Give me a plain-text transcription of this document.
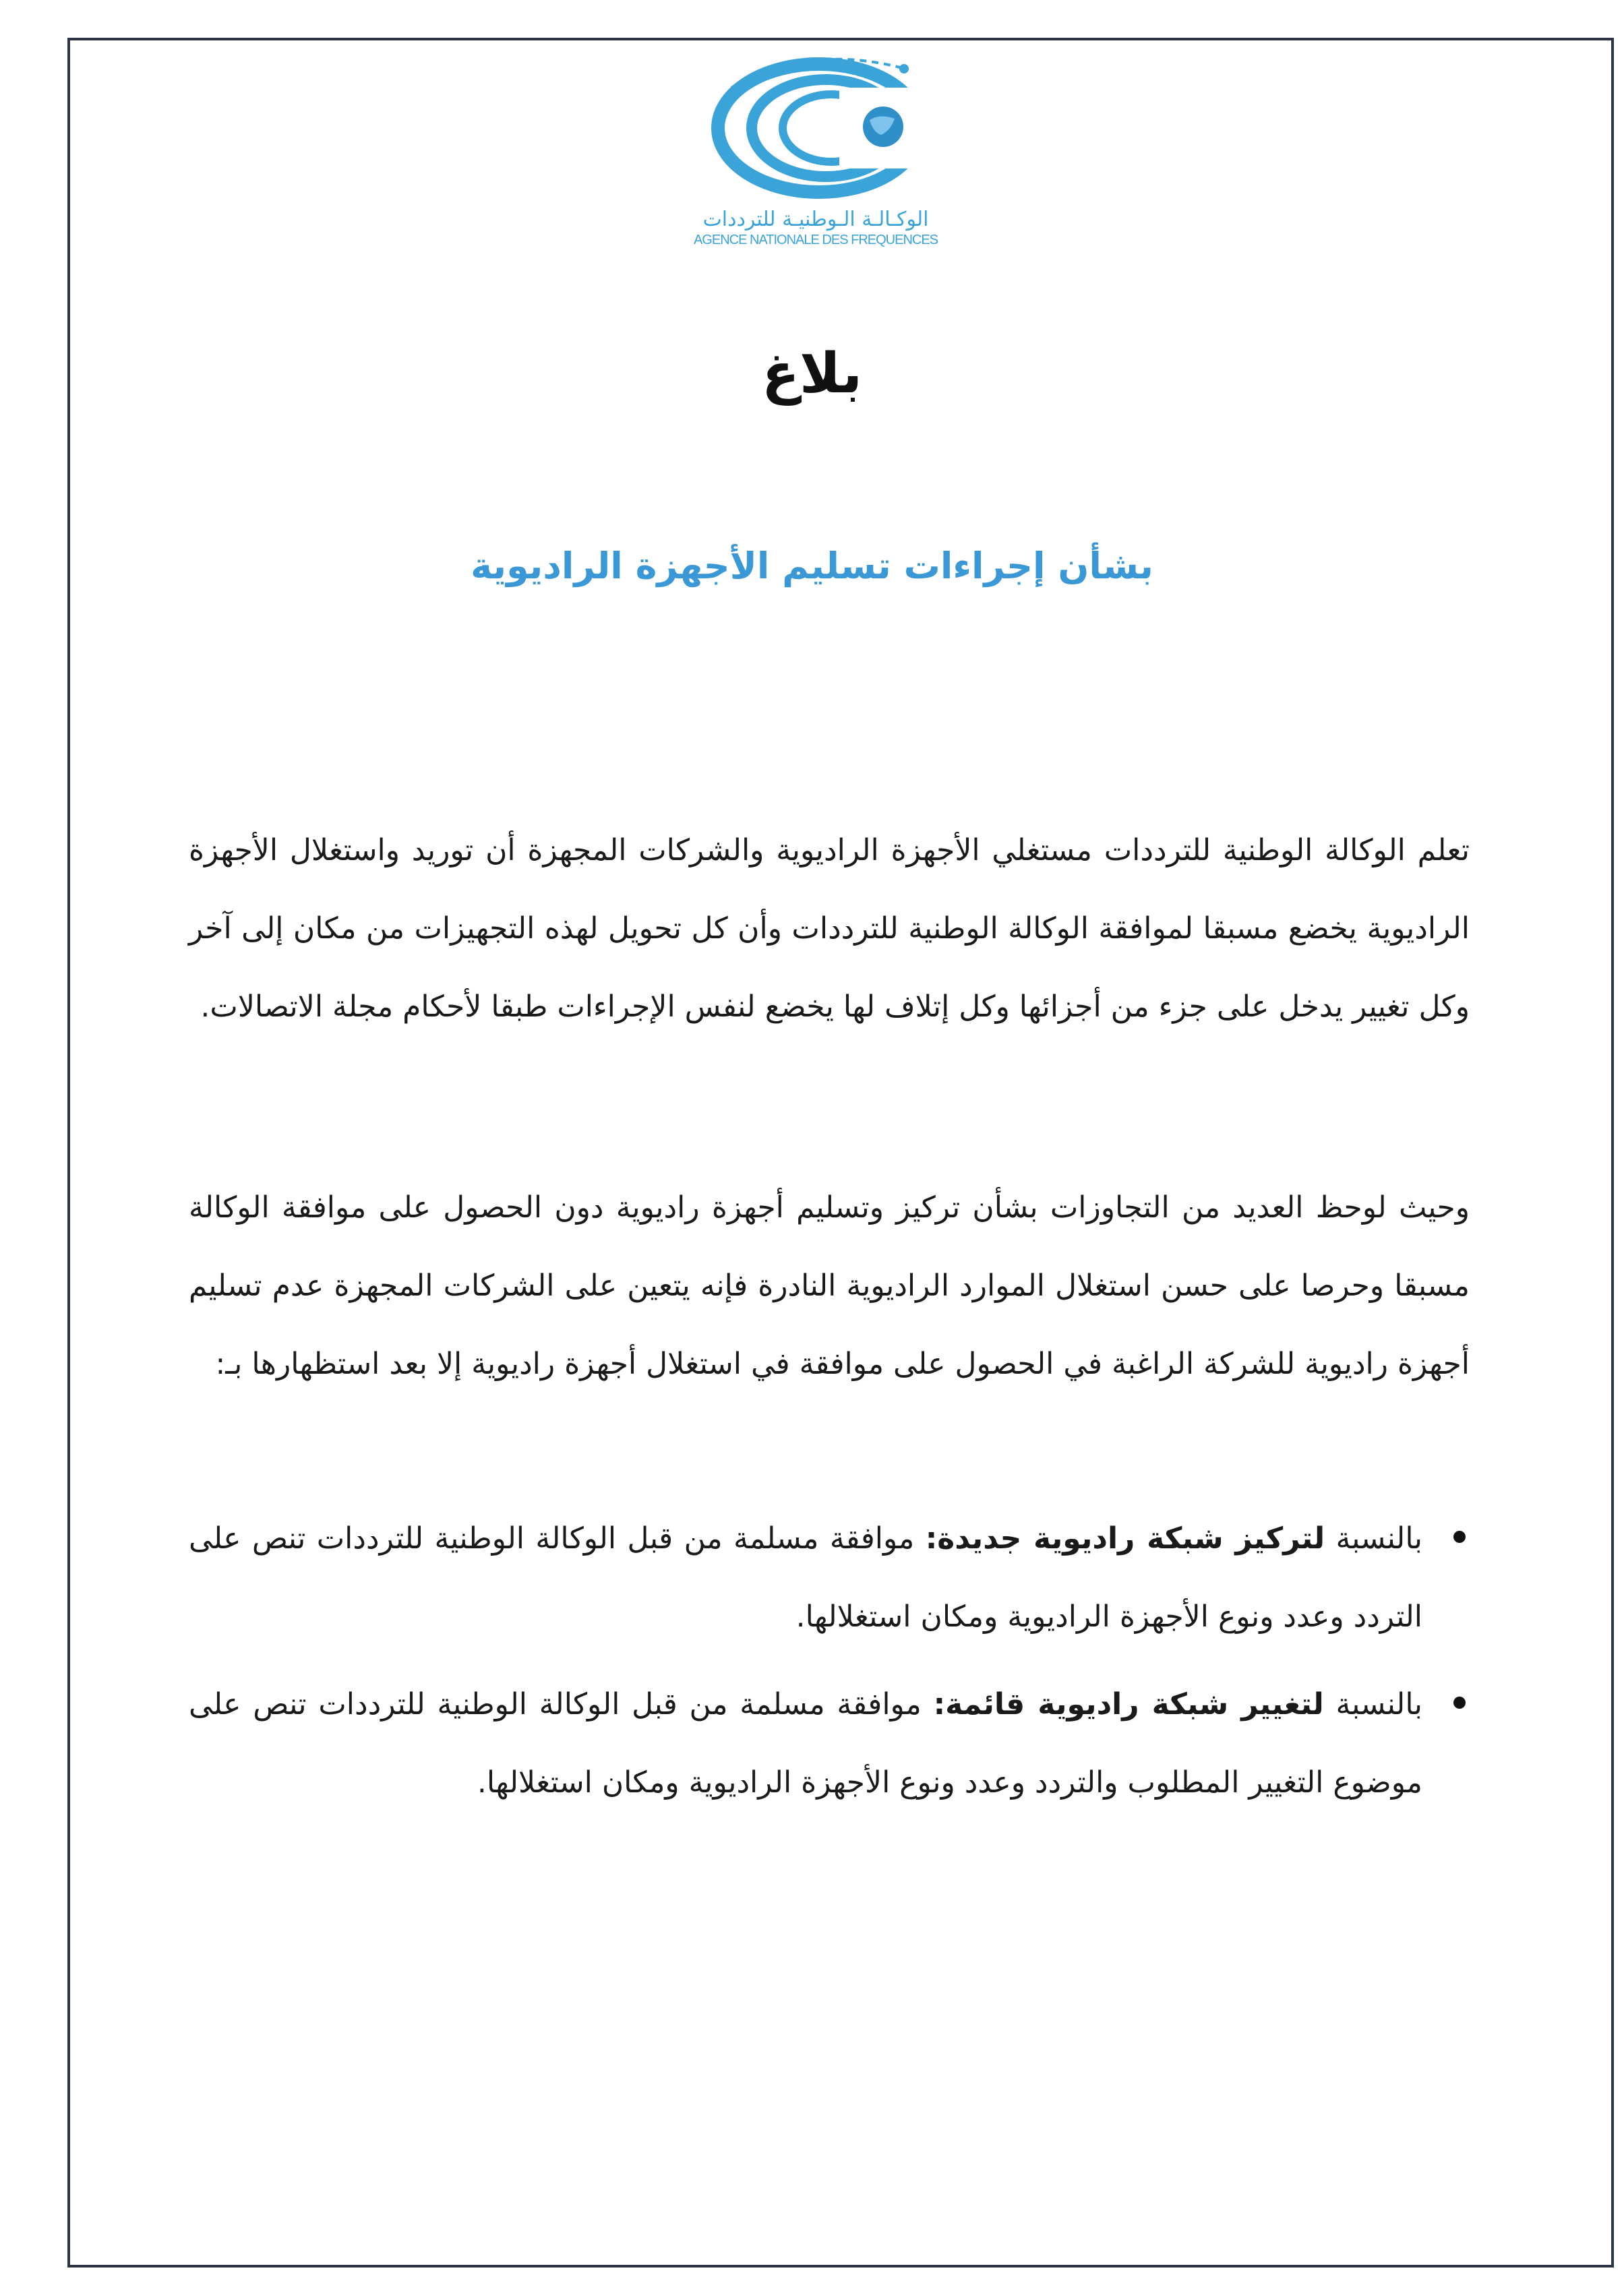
الوكـالـة الـوطنيـة للترددات
AGENCE NATIONALE DES FREQUENCES
بلاغ
بشأن إجراءات تسليم الأجهزة الراديوية

تعلم الوكالة الوطنية للترددات مستغلي الأجهزة الراديوية والشركات المجهزة أن توريد واستغلال الأجهزة الراديوية يخضع مسبقا لموافقة الوكالة الوطنية للترددات وأن كل تحويل لهذه التجهيزات من مكان إلى آخر وكل تغيير يدخل على جزء من أجزائها وكل إتلاف لها يخضع لنفس الإجراءات طبقا لأحكام مجلة الاتصالات.

وحيث لوحظ العديد من التجاوزات بشأن تركيز وتسليم أجهزة راديوية دون الحصول على موافقة الوكالة مسبقا وحرصا على حسن استغلال الموارد الراديوية النادرة فإنه يتعين على الشركات المجهزة عدم تسليم أجهزة راديوية للشركة الراغبة في الحصول على موافقة في استغلال أجهزة راديوية إلا بعد استظهارها بـ:

بالنسبة لتركيز شبكة راديوية جديدة: موافقة مسلمة من قبل الوكالة الوطنية للترددات تنص على التردد وعدد ونوع الأجهزة الراديوية ومكان استغلالها.
بالنسبة لتغيير شبكة راديوية قائمة: موافقة مسلمة من قبل الوكالة الوطنية للترددات تنص على موضوع التغيير المطلوب والتردد وعدد ونوع الأجهزة الراديوية ومكان استغلالها.
